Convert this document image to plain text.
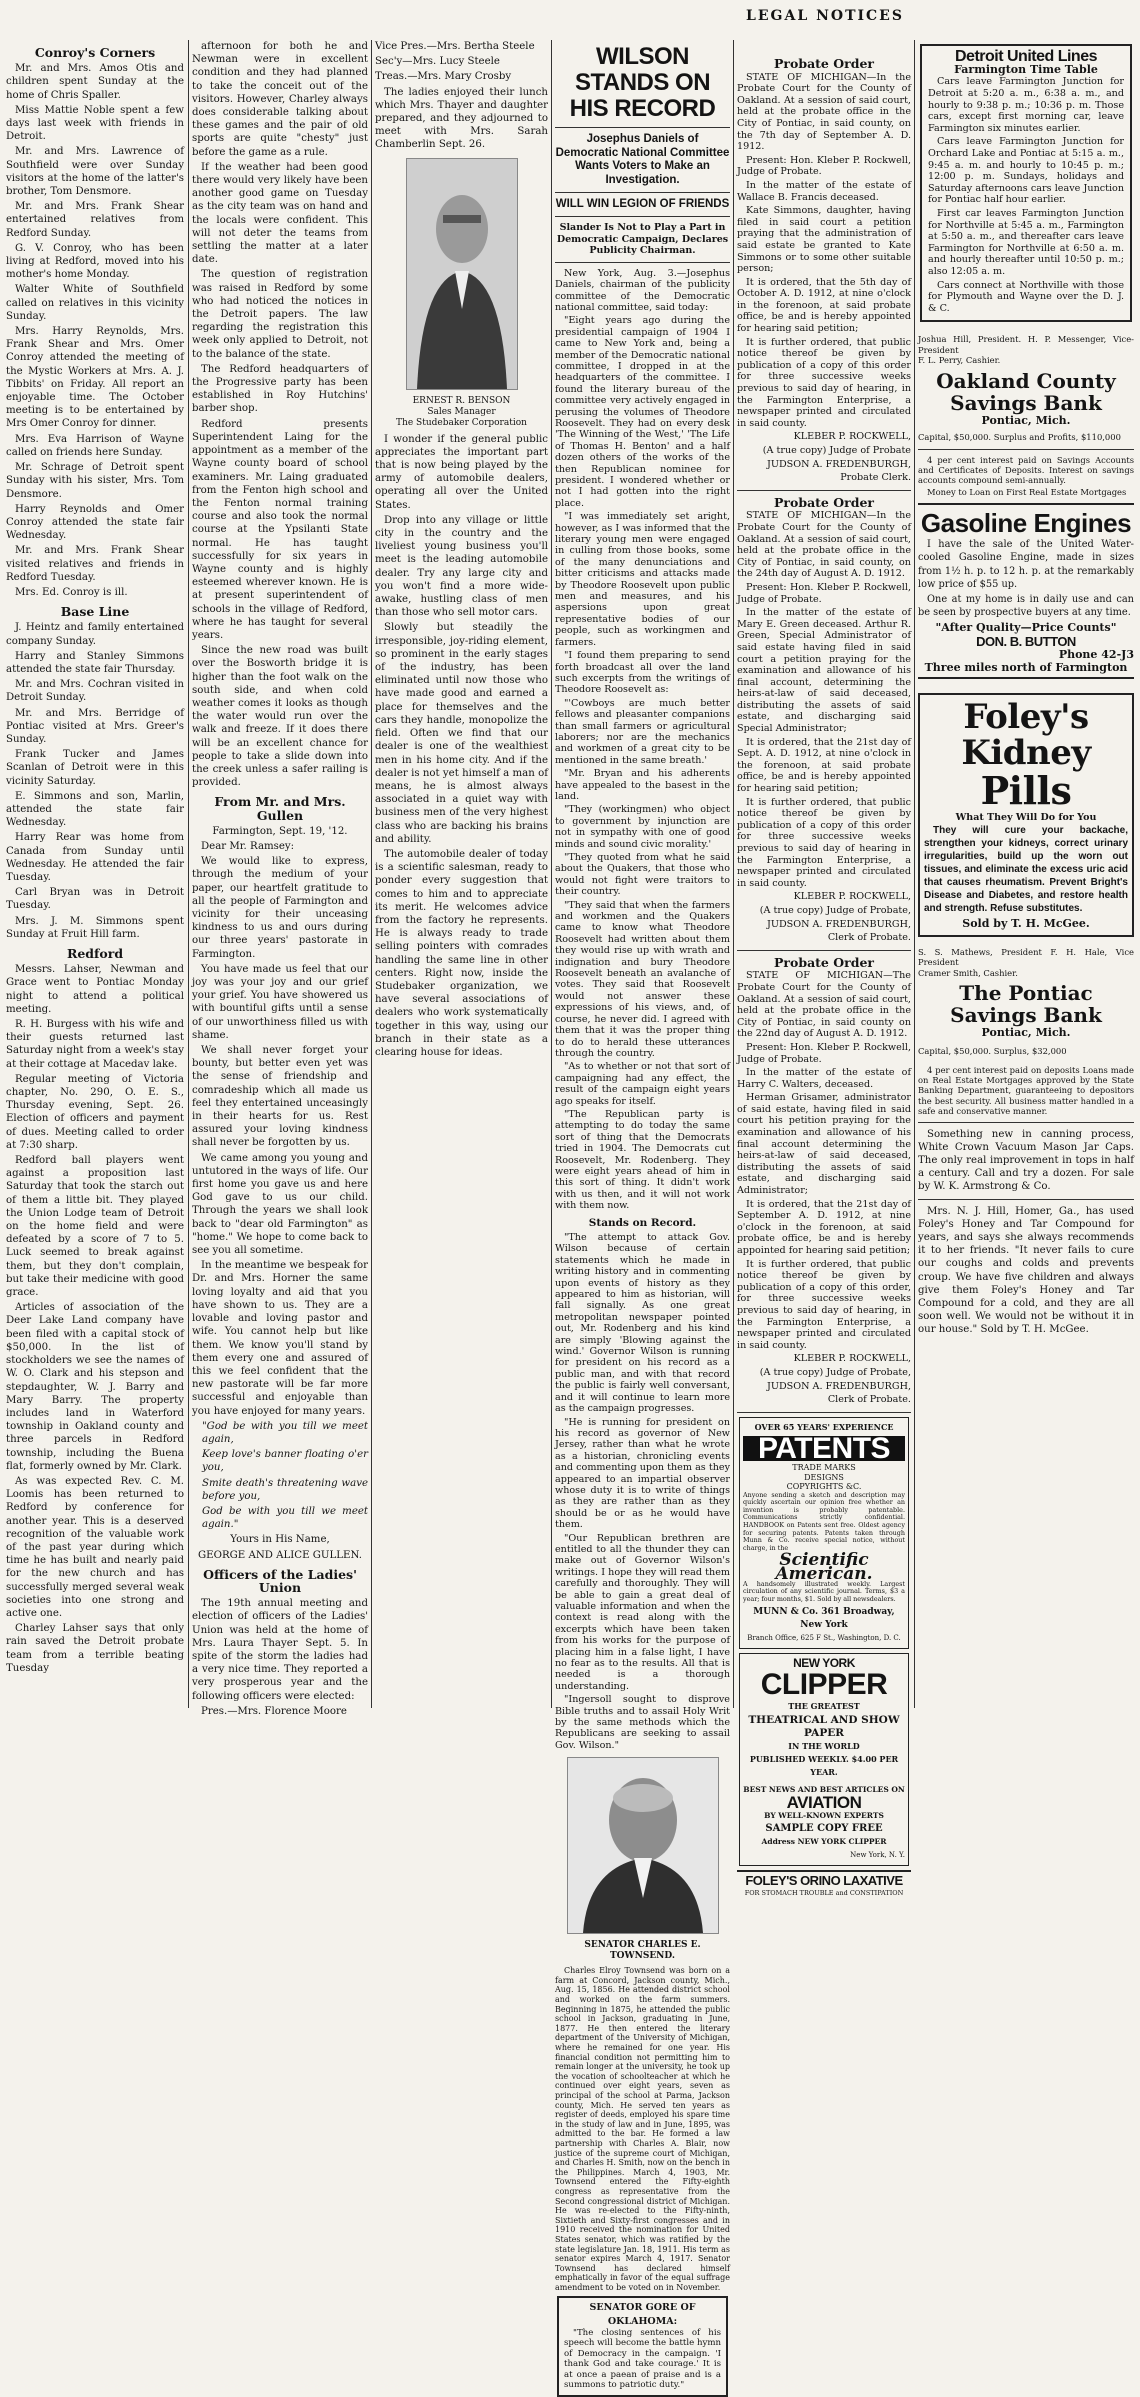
LEGAL NOTICES
Conroy's Corners

Mr. and Mrs. Amos Otis and children spent Sunday at the home of Chris Spaller.

Miss Mattie Noble spent a few days last week with friends in Detroit.

Mr. and Mrs. Lawrence of Southfield were over Sunday visitors at the home of the latter's brother, Tom Densmore.

Mr. and Mrs. Frank Shear entertained relatives from Redford Sunday.

G. V. Conroy, who has been living at Redford, moved into his mother's home Monday.

Walter White of Southfield called on relatives in this vicinity Sunday.

Mrs. Harry Reynolds, Mrs. Frank Shear and Mrs. Omer Conroy attended the meeting of the Mystic Workers at Mrs. A. J. Tibbits' on Friday. All report an enjoyable time. The October meeting is to be entertained by Mrs Omer Conroy for dinner.

Mrs. Eva Harrison of Wayne called on friends here Sunday.

Mr. Schrage of Detroit spent Sunday with his sister, Mrs. Tom Densmore.

Harry Reynolds and Omer Conroy attended the state fair Wednesday.

Mr. and Mrs. Frank Shear visited relatives and friends in Redford Tuesday.

Mrs. Ed. Conroy is ill.

Base Line

J. Heintz and family entertained company Sunday.

Harry and Stanley Simmons attended the state fair Thursday.

Mr. and Mrs. Cochran visited in Detroit Sunday.

Mr. and Mrs. Berridge of Pontiac visited at Mrs. Greer's Sunday.

Frank Tucker and James Scanlan of Detroit were in this vicinity Saturday.

E. Simmons and son, Marlin, attended the state fair Wednesday.

Harry Rear was home from Canada from Sunday until Wednesday. He attended the fair Tuesday.

Carl Bryan was in Detroit Tuesday.

Mrs. J. M. Simmons spent Sunday at Fruit Hill farm.

Redford

Messrs. Lahser, Newman and Grace went to Pontiac Monday night to attend a political meeting.

R. H. Burgess with his wife and their guests returned last Saturday night from a week's stay at their cottage at Macedav lake.

Regular meeting of Victoria chapter, No. 290, O. E. S., Thursday evening, Sept. 26. Election of officers and payment of dues. Meeting called to order at 7:30 sharp.

Redford ball players went against a proposition last Saturday that took the starch out of them a little bit. They played the Union Lodge team of Detroit on the home field and were defeated by a score of 7 to 5. Luck seemed to break against them, but they don't complain, but take their medicine with good grace.

Articles of association of the Deer Lake Land company have been filed with a capital stock of $50,000. In the list of stockholders we see the names of W. O. Clark and his stepson and stepdaughter, W. J. Barry and Mary Barry. The property includes land in Waterford township in Oakland county and three parcels in Redford township, including the Buena flat, formerly owned by Mr. Clark.

As was expected Rev. C. M. Loomis has been returned to Redford by conference for another year. This is a deserved recognition of the valuable work of the past year during which time he has built and nearly paid for the new church and has successfully merged several weak societies into one strong and active one.

Charley Lahser says that only rain saved the Detroit probate team from a terrible beating Tuesday

afternoon for both he and Newman were in excellent condition and they had planned to take the conceit out of the visitors. However, Charley always does considerable talking about these games and the pair of old sports are quite "chesty" just before the game as a rule.

If the weather had been good there would very likely have been another good game on Tuesday as the city team was on hand and the locals were confident. This will not deter the teams from settling the matter at a later date.

The question of registration was raised in Redford by some who had noticed the notices in the Detroit papers. The law regarding the registration this week only applied to Detroit, not to the balance of the state.

The Redford headquarters of the Progressive party has been established in Roy Hutchins' barber shop.

Redford presents Superintendent Laing for the appointment as a member of the Wayne county board of school examiners. Mr. Laing graduated from the Fenton high school and the Fenton normal training course and also took the normal course at the Ypsilanti State normal. He has taught successfully for six years in Wayne county and is highly esteemed wherever known. He is at present superintendent of schools in the village of Redford, where he has taught for several years.

Since the new road was built over the Bosworth bridge it is higher than the foot walk on the south side, and when cold weather comes it looks as though the water would run over the walk and freeze. If it does there will be an excellent chance for people to take a slide down into the creek unless a safer railing is provided.

From Mr. and Mrs. Gullen

Farmington, Sept. 19, '12.

Dear Mr. Ramsey:

We would like to express, through the medium of your paper, our heartfelt gratitude to all the people of Farmington and vicinity for their unceasing kindness to us and ours during our three years' pastorate in Farmington.

You have made us feel that our joy was your joy and our grief your grief. You have showered us with bountiful gifts until a sense of our unworthiness filled us with shame.

We shall never forget your bounty, but better even yet was the sense of friendship and comradeship which all made us feel they entertained unceasingly in their hearts for us. Rest assured your loving kindness shall never be forgotten by us.

We came among you young and untutored in the ways of life. Our first home you gave us and here God gave to us our child. Through the years we shall look back to "dear old Farmington" as "home." We hope to come back to see you all sometime.

In the meantime we bespeak for Dr. and Mrs. Horner the same loving loyalty and aid that you have shown to us. They are a lovable and loving pastor and wife. You cannot help but like them. We know you'll stand by them every one and assured of this we feel confident that the new pastorate will be far more successful and enjoyable than you have enjoyed for many years.

"God be with you till we meet again,

Keep love's banner floating o'er you,

Smite death's threatening wave before you,

God be with you till we meet again."

Yours in His Name,

GEORGE AND ALICE GULLEN.

Officers of the Ladies' Union

The 19th annual meeting and election of officers of the Ladies' Union was held at the home of Mrs. Laura Thayer Sept. 5. In spite of the storm the ladies had a very nice time. They reported a very prosperous year and the following officers were elected:

Pres.—Mrs. Florence Moore

Vice Pres.—Mrs. Bertha Steele

Sec'y—Mrs. Lucy Steele

Treas.—Mrs. Mary Crosby

The ladies enjoyed their lunch which Mrs. Thayer and daughter prepared, and they adjourned to meet with Mrs. Sarah Chamberlin Sept. 26.

ERNEST R. BENSON
Sales Manager
The Studebaker Corporation

I wonder if the general public appreciates the important part that is now being played by the army of automobile dealers, operating all over the United States.

Drop into any village or little city in the country and the liveliest young business you'll meet is the leading automobile dealer. Try any large city and you won't find a more wide-awake, hustling class of men than those who sell motor cars.

Slowly but steadily the irresponsible, joy-riding element, so prominent in the early stages of the industry, has been eliminated until now those who have made good and earned a place for themselves and the cars they handle, monopolize the field. Often we find that our dealer is one of the wealthiest men in his home city. And if the dealer is not yet himself a man of means, he is almost always associated in a quiet way with business men of the very highest class who are backing his brains and ability.

The automobile dealer of today is a scientific salesman, ready to ponder every suggestion that comes to him and to appreciate its merit. He welcomes advice from the factory he represents. He is always ready to trade selling pointers with comrades handling the same line in other centers. Right now, inside the Studebaker organization, we have several associations of dealers who work systematically together in this way, using our branch in their state as a clearing house for ideas.

WILSON STANDS ON HIS RECORD
Josephus Daniels of Democratic National Committee Wants Voters to Make an Investigation.
WILL WIN LEGION OF FRIENDS
Slander Is Not to Play a Part in Democratic Campaign, Declares Publicity Chairman.

New York, Aug. 3.—Josephus Daniels, chairman of the publicity committee of the Democratic national committee, said today:

"Eight years ago during the presidential campaign of 1904 I came to New York and, being a member of the Democratic national committee, I dropped in at the headquarters of the committee. I found the literary bureau of the committee very actively engaged in perusing the volumes of Theodore Roosevelt. They had on every desk 'The Winning of the West,' 'The Life of Thomas H. Benton' and a half dozen others of the works of the then Republican nominee for president. I wondered whether or not I had gotten into the right place.

"I was immediately set aright, however, as I was informed that the literary young men were engaged in culling from those books, some of the many denunciations and bitter criticisms and attacks made by Theodore Roosevelt upon public men and measures, and his aspersions upon great representative bodies of our people, such as workingmen and farmers.

"I found them preparing to send forth broadcast all over the land such excerpts from the writings of Theodore Roosevelt as:

"'Cowboys are much better fellows and pleasanter companions than small farmers or agricultural laborers; nor are the mechanics and workmen of a great city to be mentioned in the same breath.'

"Mr. Bryan and his adherents have appealed to the basest in the land.

"They (workingmen) who object to government by injunction are not in sympathy with one of good minds and sound civic morality.'

"They quoted from what he said about the Quakers, that those who would not fight were traitors to their country.

"They said that when the farmers and workmen and the Quakers came to know what Theodore Roosevelt had written about them they would rise up with wrath and indignation and bury Theodore Roosevelt beneath an avalanche of votes. They said that Roosevelt would not answer these expressions of his views, and, of course, he never did. I agreed with them that it was the proper thing to do to herald these utterances through the country.

"As to whether or not that sort of campaigning had any effect, the result of the campaign eight years ago speaks for itself.

"The Republican party is attempting to do today the same sort of thing that the Democrats tried in 1904. The Democrats cut Roosevelt, Mr. Rodenberg. They were eight years ahead of him in this sort of thing. It didn't work with us then, and it will not work with them now.

Stands on Record.

"The attempt to attack Gov. Wilson because of certain statements which he made in writing history and in commenting upon events of history as they appeared to him as historian, will fall signally. As one great metropolitan newspaper pointed out, Mr. Rodenberg and his kind are simply 'Blowing against the wind.' Governor Wilson is running for president on his record as a public man, and with that record the public is fairly well conversant, and it will continue to learn more as the campaign progresses.

"He is running for president on his record as governor of New Jersey, rather than what he wrote as a historian, chronicling events and commenting upon them as they appeared to an impartial observer whose duty it is to write of things as they are rather than as they should be or as he would have them.

"Our Republican brethren are entitled to all the thunder they can make out of Governor Wilson's writings. I hope they will read them carefully and thoroughly. They will be able to gain a great deal of valuable information and when the context is read along with the excerpts which have been taken from his works for the purpose of placing him in a false light, I have no fear as to the results. All that is needed is a thorough understanding.

"Ingersoll sought to disprove Bible truths and to assail Holy Writ by the same methods which the Republicans are seeking to assail Gov. Wilson."

SENATOR CHARLES E. TOWNSEND.

Charles Elroy Townsend was born on a farm at Concord, Jackson county, Mich., Aug. 15, 1856. He attended district school and worked on the farm summers. Beginning in 1875, he attended the public school in Jackson, graduating in June, 1877. He then entered the literary department of the University of Michigan, where he remained for one year. His financial condition not permitting him to remain longer at the university, he took up the vocation of schoolteacher at which he continued over eight years, seven as principal of the school at Parma, Jackson county, Mich. He served ten years as register of deeds, employed his spare time in the study of law and in June, 1895, was admitted to the bar. He formed a law partnership with Charles A. Blair, now justice of the supreme court of Michigan, and Charles H. Smith, now on the bench in the Philippines. March 4, 1903, Mr. Townsend entered the Fifty-eighth congress as representative from the Second congressional district of Michigan. He was re-elected to the Fifty-ninth, Sixtieth and Sixty-first congresses and in 1910 received the nomination for United States senator, which was ratified by the state legislature Jan. 18, 1911. His term as senator expires March 4, 1917. Senator Townsend has declared himself emphatically in favor of the equal suffrage amendment to be voted on in November.

SENATOR GORE OF OKLAHOMA:

"The closing sentences of his speech will become the battle hymn of Democracy in the campaign. 'I thank God and take courage.' It is at once a paean of praise and is a summons to patriotic duty."

Probate Order

STATE OF MICHIGAN—In the Probate Court for the County of Oakland. At a session of said court, held at the probate office in the City of Pontiac, in said county, on the 7th day of September A. D. 1912.

Present: Hon. Kleber P. Rockwell, Judge of Probate.

In the matter of the estate of Wallace B. Francis deceased.

Kate Simmons, daughter, having filed in said court a petition praying that the administration of said estate be granted to Kate Simmons or to some other suitable person;

It is ordered, that the 5th day of October A. D. 1912, at nine o'clock in the forenoon, at said probate office, be and is hereby appointed for hearing said petition;

It is further ordered, that public notice thereof be given by publication of a copy of this order for three successive weeks previous to said day of hearing, in the Farmington Enterprise, a newspaper printed and circulated in said county.

KLEBER P. ROCKWELL,

(A true copy) Judge of Probate

JUDSON A. FREDENBURGH,

Probate Clerk.

Probate Order

STATE OF MICHIGAN—In the Probate Court for the County of Oakland. At a session of said court, held at the probate office in the City of Pontiac, in said county, on the 24th day of August A. D. 1912.

Present: Hon. Kleber P. Rockwell, Judge of Probate.

In the matter of the estate of Mary E. Green deceased. Arthur R. Green, Special Administrator of said estate having filed in said court a petition praying for the examination and allowance of his final account, determining the heirs-at-law of said deceased, distributing the assets of said estate, and discharging said Special Administrator;

It is ordered, that the 21st day of Sept. A. D. 1912, at nine o'clock in the forenoon, at said probate office, be and is hereby appointed for hearing said petition;

It is further ordered, that public notice thereof be given by publication of a copy of this order for three successive weeks previous to said day of hearing in the Farmington Enterprise, a newspaper printed and circulated in said county.

KLEBER P. ROCKWELL,

(A true copy) Judge of Probate,

JUDSON A. FREDENBURGH,

Clerk of Probate.

Probate Order

STATE OF MICHIGAN—The Probate Court for the County of Oakland. At a session of said court, held at the probate office in the City of Pontiac, in said county on the 22nd day of August A. D. 1912.

Present: Hon. Kleber P. Rockwell, Judge of Probate.

In the matter of the estate of Harry C. Walters, deceased.

Herman Grisamer, administrator of said estate, having filed in said court his petition praying for the examination and allowance of his final account determining the heirs-at-law of said deceased, distributing the assets of said estate, and discharging said Administrator;

It is ordered, that the 21st day of September A. D. 1912, at nine o'clock in the forenoon, at said probate office, be and is hereby appointed for hearing said petition;

It is further ordered, that public notice thereof be given by publication of a copy of this order, for three successive weeks previous to said day of hearing, in the Farmington Enterprise, a newspaper printed and circulated in said county.

KLEBER P. ROCKWELL,

(A true copy) Judge of Probate,

JUDSON A. FREDENBURGH,

Clerk of Probate.

OVER 65 YEARS' EXPERIENCE
PATENTS
TRADE MARKS
DESIGNS
COPYRIGHTS &C.

Anyone sending a sketch and description may quickly ascertain our opinion free whether an invention is probably patentable. Communications strictly confidential. HANDBOOK on Patents sent free. Oldest agency for securing patents. Patents taken through Munn & Co. receive special notice, without charge, in the

Scientific American.

A handsomely illustrated weekly. Largest circulation of any scientific journal. Terms, $3 a year; four months, $1. Sold by all newsdealers.

MUNN & Co. 361 Broadway, New York
Branch Office, 625 F St., Washington, D. C.
NEW YORK
CLIPPER
THE GREATEST
THEATRICAL AND SHOW PAPER
IN THE WORLD
PUBLISHED WEEKLY. $4.00 PER YEAR.
BEST NEWS AND BEST ARTICLES ON
AVIATION
BY WELL-KNOWN EXPERTS
SAMPLE COPY FREE
Address NEW YORK CLIPPER
New York, N. Y.
FOLEY'S ORINO LAXATIVE
FOR STOMACH TROUBLE and CONSTIPATION
Detroit United Lines
Farmington Time Table

Cars leave Farmington Junction for Detroit at 5:20 a. m., 6:38 a. m., and hourly to 9:38 p. m.; 10:36 p. m. Those cars, except first morning car, leave Farmington six minutes earlier.

Cars leave Farmington Junction for Orchard Lake and Pontiac at 5:15 a. m., 9:45 a. m. and hourly to 10:45 p. m.; 12:00 p. m. Sundays, holidays and Saturday afternoons cars leave Junction for Pontiac half hour earlier.

First car leaves Farmington Junction for Northville at 5:45 a. m., Farmington at 5:50 a. m., and thereafter cars leave Farmington for Northville at 6:50 a. m. and hourly thereafter until 10:50 p. m.; also 12:05 a. m.

Cars connect at Northville with those for Plymouth and Wayne over the D. J. & C.

Joshua Hill, President. H. P. Messenger, Vice-President
F. L. Perry, Cashier.
Oakland County Savings Bank
Pontiac, Mich.
Capital, $50,000. Surplus and Profits, $110,000

4 per cent interest paid on Savings Accounts and Certificates of Deposits. Interest on savings accounts compound semi-annually.

Money to Loan on First Real Estate Mortgages

Gasoline Engines

I have the sale of the United Water-cooled Gasoline Engine, made in sizes from 1½ h. p. to 12 h. p. at the remarkably low price of $55 up.

One at my home is in daily use and can be seen by prospective buyers at any time.

"After Quality—Price Counts"
DON. B. BUTTON
Phone 42-J3
Three miles north of Farmington
Foley's
Kidney
Pills
What They Will Do for You

They will cure your backache, strengthen your kidneys, correct urinary irregularities, build up the worn out tissues, and eliminate the excess uric acid that causes rheumatism. Prevent Bright's Disease and Diabetes, and restore health and strength. Refuse substitutes.

Sold by T. H. McGee.
S. S. Mathews, President F. H. Hale, Vice President
Cramer Smith, Cashier.
The Pontiac Savings Bank
Pontiac, Mich.
Capital, $50,000. Surplus, $32,000

4 per cent interest paid on deposits Loans made on Real Estate Mortgages approved by the State Banking Department, guaranteeing to depositors the best security. All business matter handled in a safe and conservative manner.

Something new in canning process, White Crown Vacuum Mason Jar Caps. The only real improvement in tops in half a century. Call and try a dozen. For sale by W. K. Armstrong & Co.

Mrs. N. J. Hill, Homer, Ga., has used Foley's Honey and Tar Compound for years, and says she always recommends it to her friends. "It never fails to cure our coughs and colds and prevents croup. We have five children and always give them Foley's Honey and Tar Compound for a cold, and they are all soon well. We would not be without it in our house." Sold by T. H. McGee.
